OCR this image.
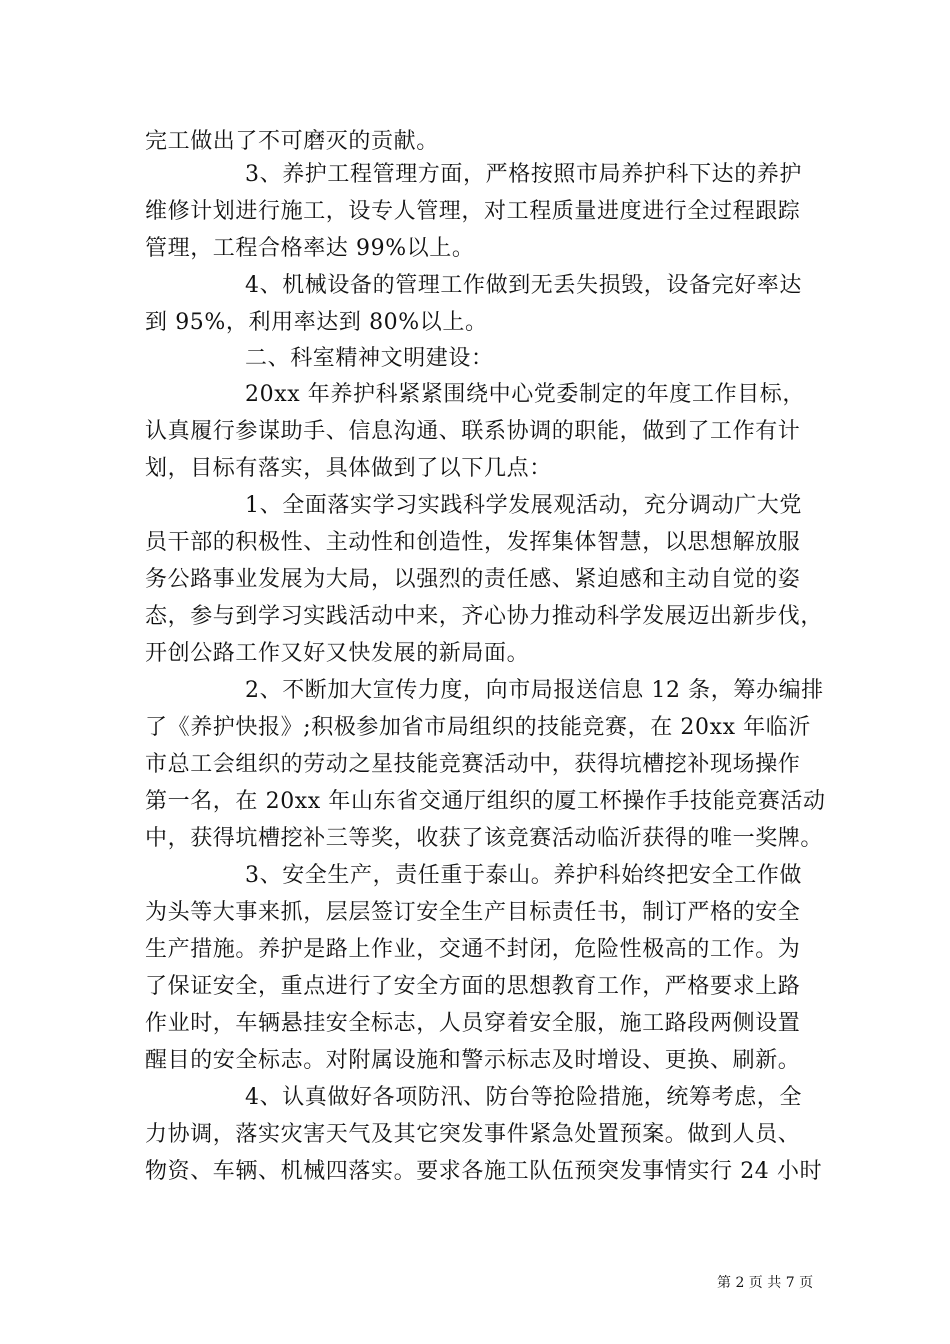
完工做出了不可磨灭的贡献。
3、养护工程管理方面，严格按照市局养护科下达的养护
维修计划进行施工，设专人管理，对工程质量进度进行全过程跟踪
管理，工程合格率达 99%以上。
4、机械设备的管理工作做到无丢失损毁，设备完好率达
到 95%，利用率达到 80%以上。
二、科室精神文明建设：
20xx 年养护科紧紧围绕中心党委制定的年度工作目标，
认真履行参谋助手、信息沟通、联系协调的职能，做到了工作有计
划，目标有落实，具体做到了以下几点：
1、全面落实学习实践科学发展观活动，充分调动广大党
员干部的积极性、主动性和创造性，发挥集体智慧，以思想解放服
务公路事业发展为大局，以强烈的责任感、紧迫感和主动自觉的姿
态，参与到学习实践活动中来，齐心协力推动科学发展迈出新步伐，
开创公路工作又好又快发展的新局面。
2、不断加大宣传力度，向市局报送信息 12 条，筹办编排
了《养护快报》;积极参加省市局组织的技能竞赛，在 20xx 年临沂
市总工会组织的劳动之星技能竞赛活动中，获得坑槽挖补现场操作
第一名，在 20xx 年山东省交通厅组织的厦工杯操作手技能竞赛活动
中，获得坑槽挖补三等奖，收获了该竞赛活动临沂获得的唯一奖牌。
3、安全生产，责任重于泰山。养护科始终把安全工作做
为头等大事来抓，层层签订安全生产目标责任书，制订严格的安全
生产措施。养护是路上作业，交通不封闭，危险性极高的工作。为
了保证安全，重点进行了安全方面的思想教育工作，严格要求上路
作业时，车辆悬挂安全标志，人员穿着安全服，施工路段两侧设置
醒目的安全标志。对附属设施和警示标志及时增设、更换、刷新。
4、认真做好各项防汛、防台等抢险措施，统筹考虑，全
力协调，落实灾害天气及其它突发事件紧急处置预案。做到人员、
物资、车辆、机械四落实。要求各施工队伍预突发事情实行 24 小时
第 2 页 共 7 页
